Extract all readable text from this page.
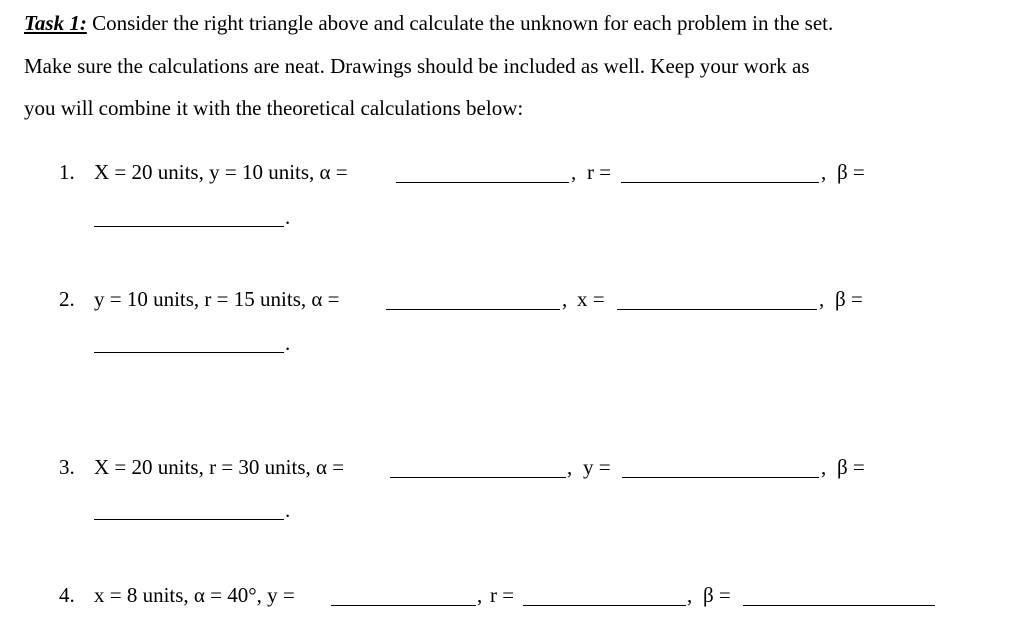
Task 1: Consider the right triangle above and calculate the unknown for each problem in the set.
Make sure the calculations are neat. Drawings should be included as well. Keep your work as
you will combine it with the theoretical calculations below:
1. X = 20 units, y = 10 units, α =	, r =	, β =
.
2. y = 10 units, r = 15 units, α =	, x =	, β =
.
3. X = 20 units, r = 30 units, α =	, y =	, β =
.
4. x = 8 units, α = 40°, y =	, r =	, β =
